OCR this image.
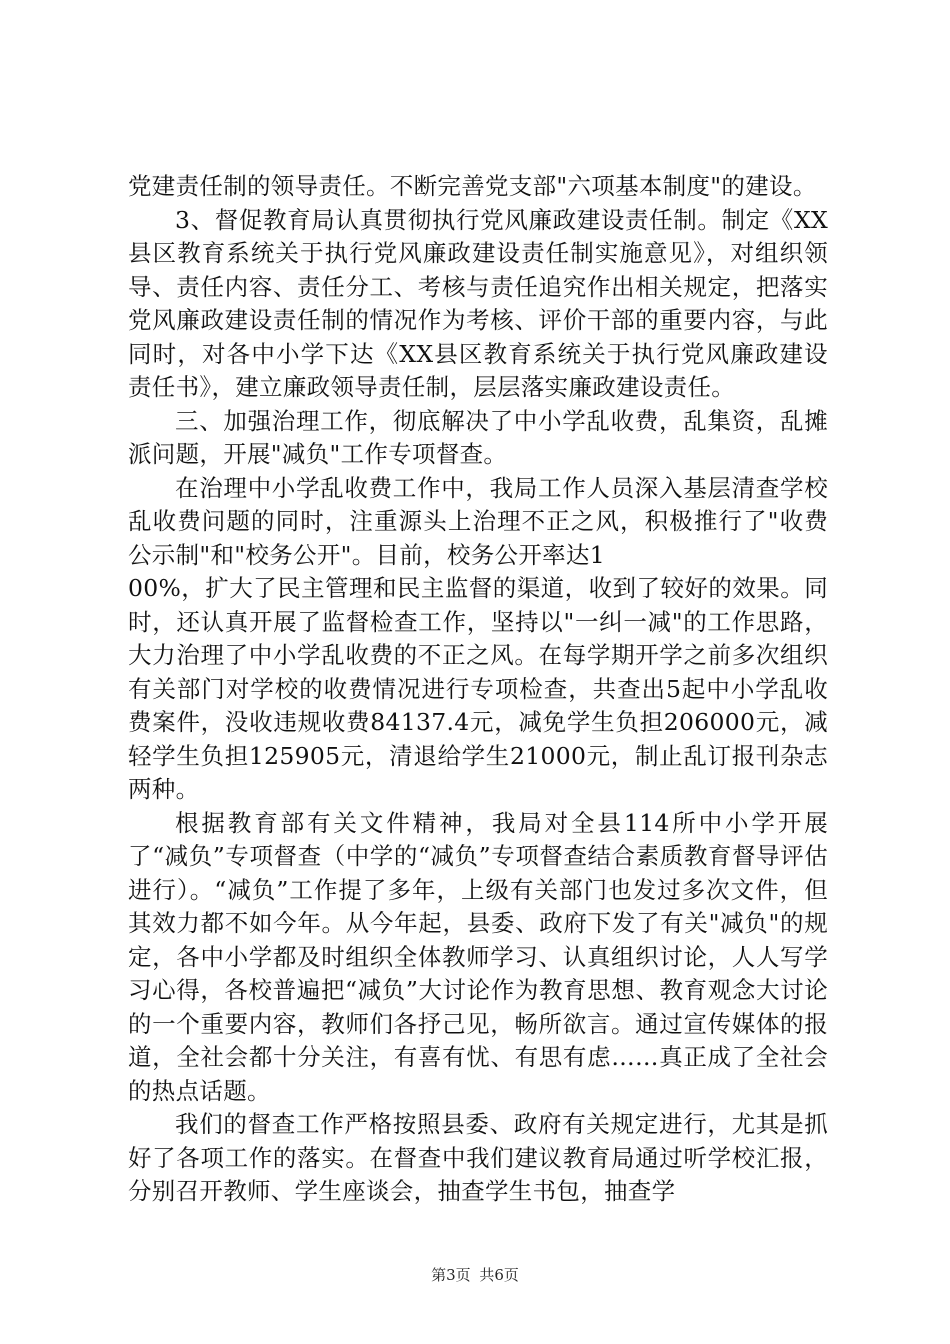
党建责任制的领导责任。不断完善党支部"六项基本制度"的建设。

3、督促教育局认真贯彻执行党风廉政建设责任制。制定《XX县区教育系统关于执行党风廉政建设责任制实施意见》，对组织领导、责任内容、责任分工、考核与责任追究作出相关规定，把落实党风廉政建设责任制的情况作为考核、评价干部的重要内容，与此同时，对各中小学下达《XX县区教育系统关于执行党风廉政建设责任书》，建立廉政领导责任制，层层落实廉政建设责任。

三、加强治理工作，彻底解决了中小学乱收费，乱集资，乱摊派问题，开展"减负"工作专项督查。

在治理中小学乱收费工作中，我局工作人员深入基层清查学校乱收费问题的同时，注重源头上治理不正之风，积极推行了"收费公示制"和"校务公开"。目前，校务公开率达1

00%，扩大了民主管理和民主监督的渠道，收到了较好的效果。同时，还认真开展了监督检查工作，坚持以"一纠一减"的工作思路，大力治理了中小学乱收费的不正之风。在每学期开学之前多次组织有关部门对学校的收费情况进行专项检查，共查出5起中小学乱收费案件，没收违规收费84137.4元，减免学生负担206000元，减轻学生负担125905元，清退给学生21000元，制止乱订报刊杂志两种。

根据教育部有关文件精神，我局对全县114所中小学开展了“减负”专项督查（中学的“减负”专项督查结合素质教育督导评估进行）。“减负”工作提了多年，上级有关部门也发过多次文件，但其效力都不如今年。从今年起，县委、政府下发了有关"减负"的规定，各中小学都及时组织全体教师学习、认真组织讨论，人人写学习心得，各校普遍把“减负”大讨论作为教育思想、教育观念大讨论的一个重要内容，教师们各抒己见，畅所欲言。通过宣传媒体的报道，全社会都十分关注，有喜有忧、有思有虑……真正成了全社会的热点话题。

我们的督查工作严格按照县委、政府有关规定进行，尤其是抓好了各项工作的落实。在督查中我们建议教育局通过听学校汇报，分别召开教师、学生座谈会，抽查学生书包，抽查学

第3页 共6页
